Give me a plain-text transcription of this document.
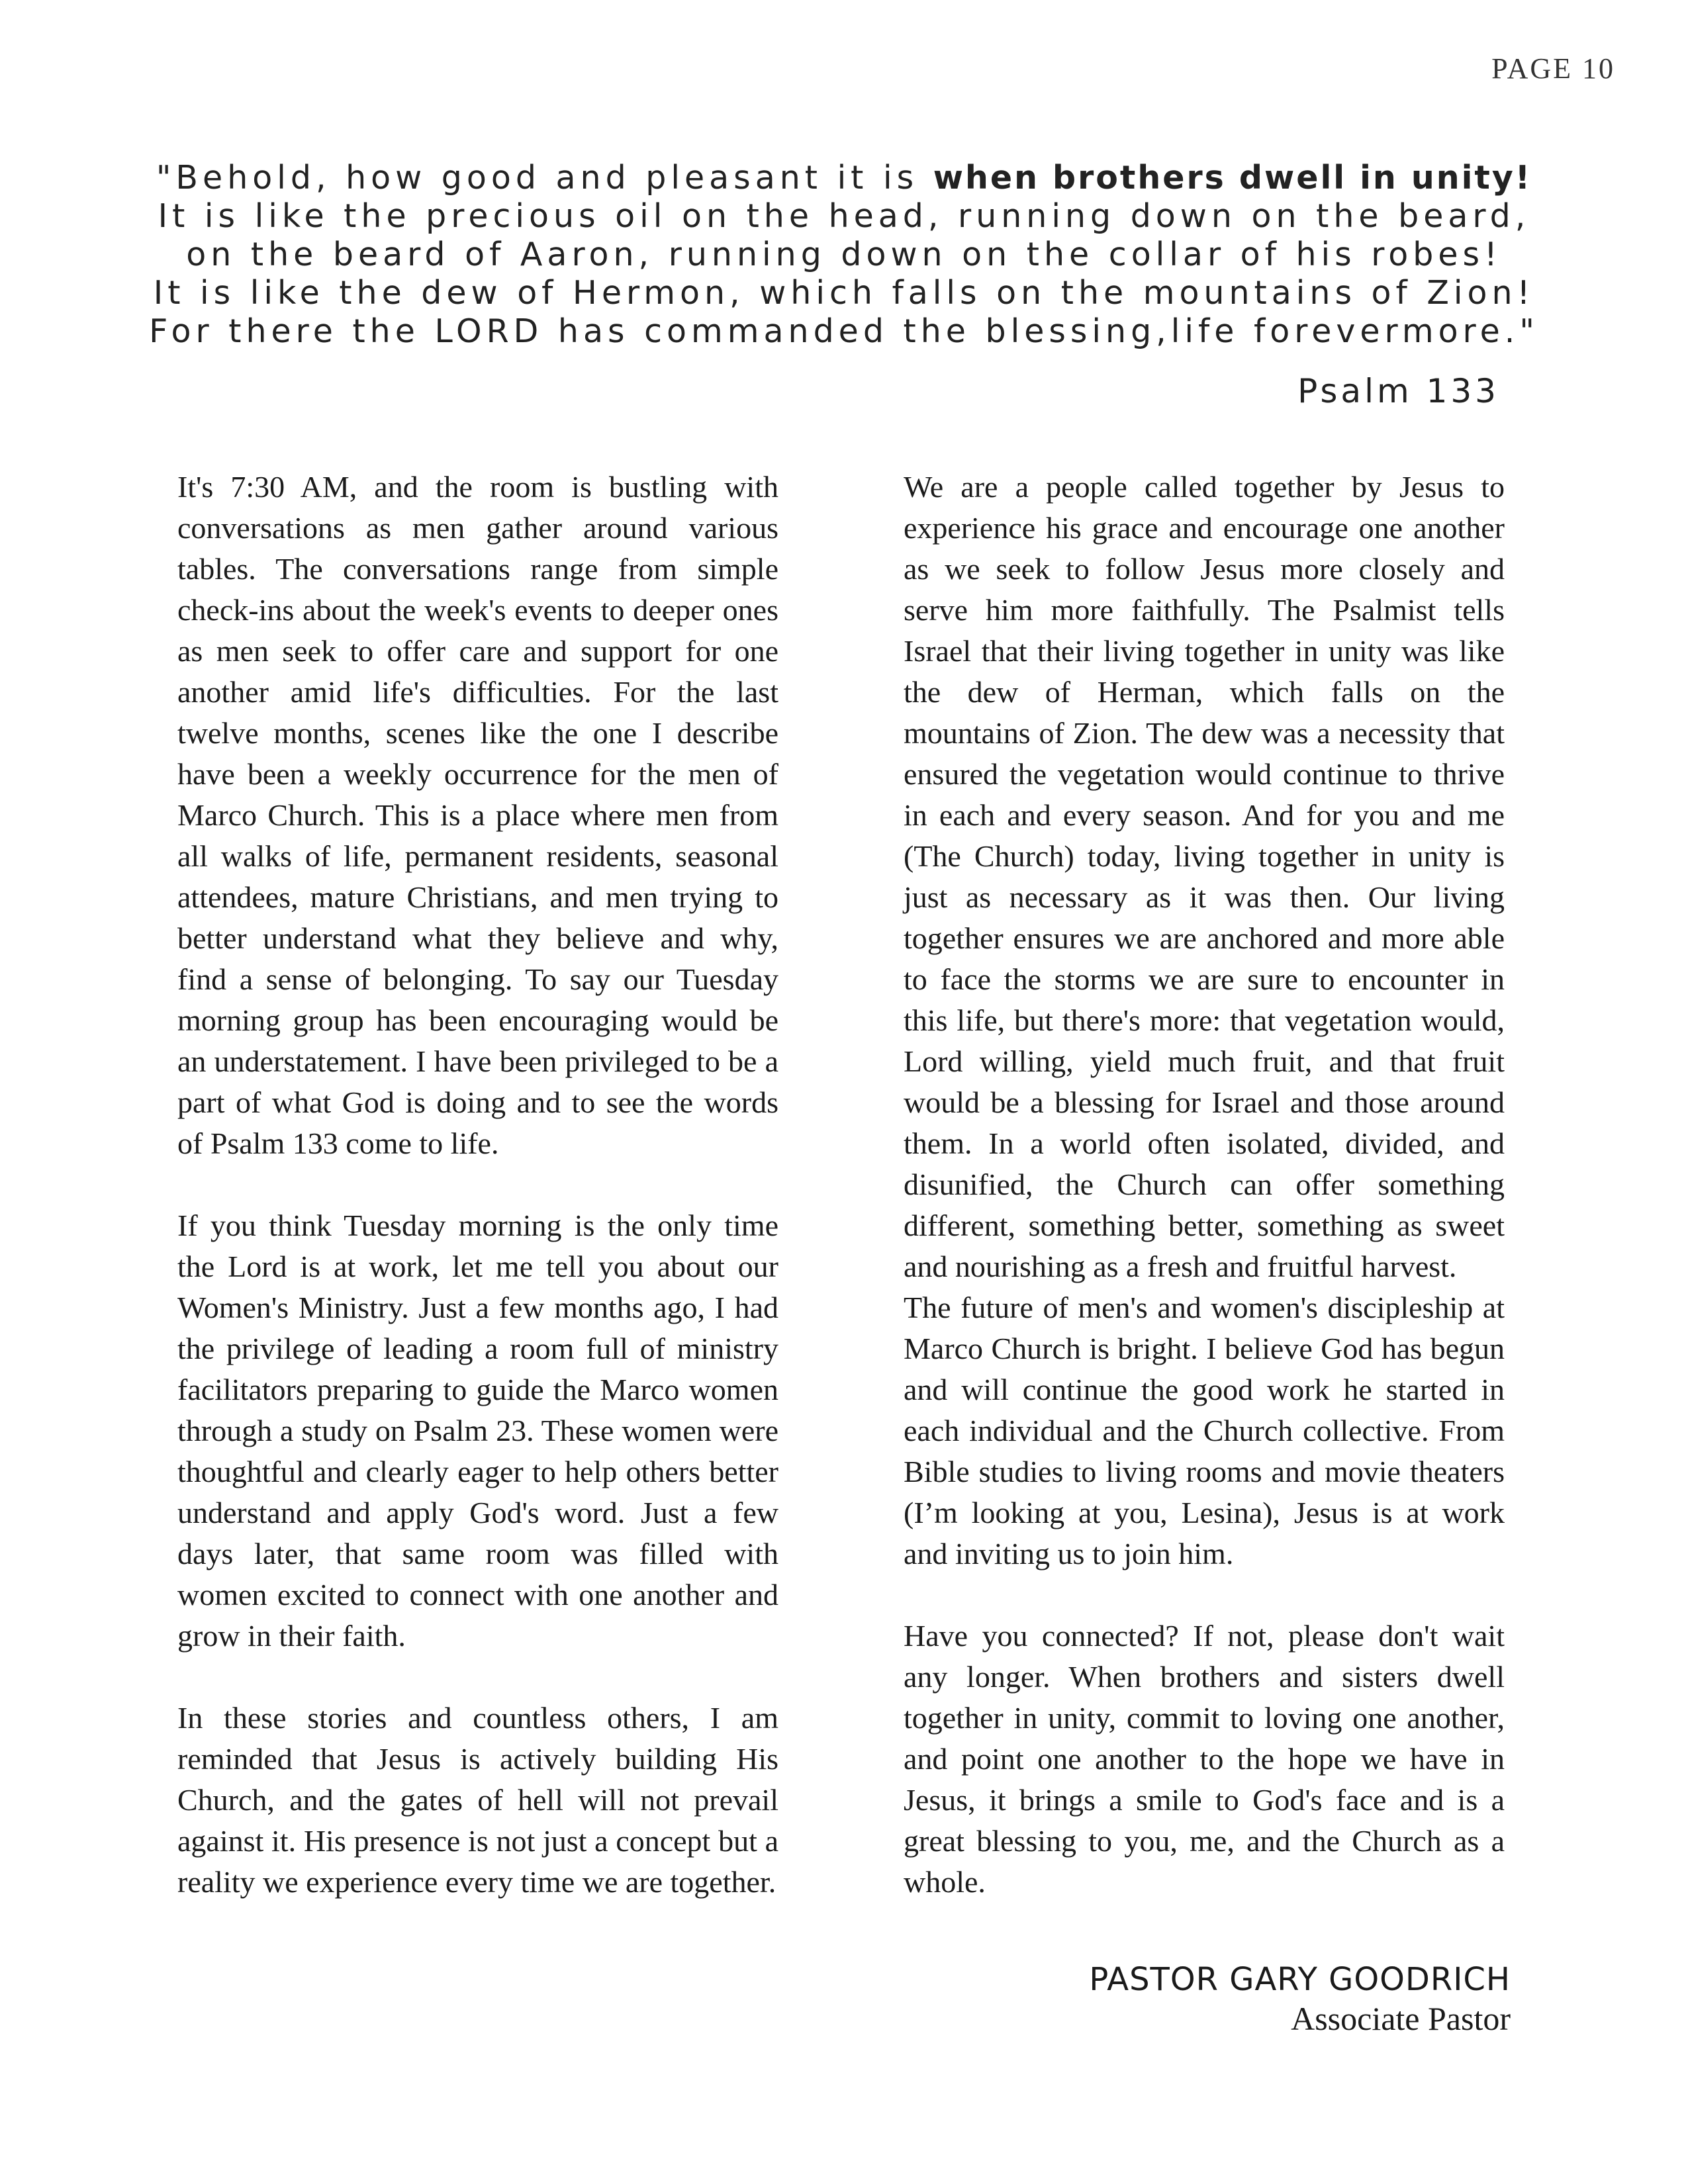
PAGE 10
"Behold, how good and pleasant it is when brothers dwell in unity!
It is like the precious oil on the head, running down on the beard,
on the beard of Aaron, running down on the collar of his robes!
It is like the dew of Hermon, which falls on the mountains of Zion!
For there the LORD has commanded the blessing,life forevermore."
Psalm 133

It's 7:30 AM, and the room is bustling with conversations as men gather around various tables. The conversations range from simple check-ins about the week's events to deeper ones as men seek to offer care and support for one another amid life's difficulties. For the last twelve months, scenes like the one I describe have been a weekly occurrence for the men of Marco Church. This is a place where men from all walks of life, permanent residents, seasonal attendees, mature Christians, and men trying to better understand what they believe and why, find a sense of belonging. To say our Tuesday morning group has been encouraging would be an understatement. I have been privileged to be a part of what God is doing and to see the words of Psalm 133 come to life.

If you think Tuesday morning is the only time the Lord is at work, let me tell you about our Women's Ministry. Just a few months ago, I had the privilege of leading a room full of ministry facilitators preparing to guide the Marco women through a study on Psalm 23. These women were thoughtful and clearly eager to help others better understand and apply God's word. Just a few days later, that same room was filled with women excited to connect with one another and grow in their faith.

In these stories and countless others, I am reminded that Jesus is actively building His Church, and the gates of hell will not prevail against it. His presence is not just a concept but a reality we experience every time we are together.

We are a people called together by Jesus to experience his grace and encourage one another as we seek to follow Jesus more closely and serve him more faithfully. The Psalmist tells Israel that their living together in unity was like the dew of Herman, which falls on the mountains of Zion. The dew was a necessity that ensured the vegetation would continue to thrive in each and every season. And for you and me (The Church) today, living together in unity is just as necessary as it was then. Our living together ensures we are anchored and more able to face the storms we are sure to encounter in this life, but there's more: that vegetation would, Lord willing, yield much fruit, and that fruit would be a blessing for Israel and those around them. In a world often isolated, divided, and disunified, the Church can offer something different, something better, something as sweet and nourishing as a fresh and fruitful harvest.

The future of men's and women's discipleship at Marco Church is bright. I believe God has begun and will continue the good work he started in each individual and the Church collective. From Bible studies to living rooms and movie theaters (I’m looking at you, Lesina), Jesus is at work and inviting us to join him.

Have you connected? If not, please don't wait any longer. When brothers and sisters dwell together in unity, commit to loving one another, and point one another to the hope we have in Jesus, it brings a smile to God's face and is a great blessing to you, me, and the Church as a whole.

PASTOR GARY GOODRICH
Associate Pastor
